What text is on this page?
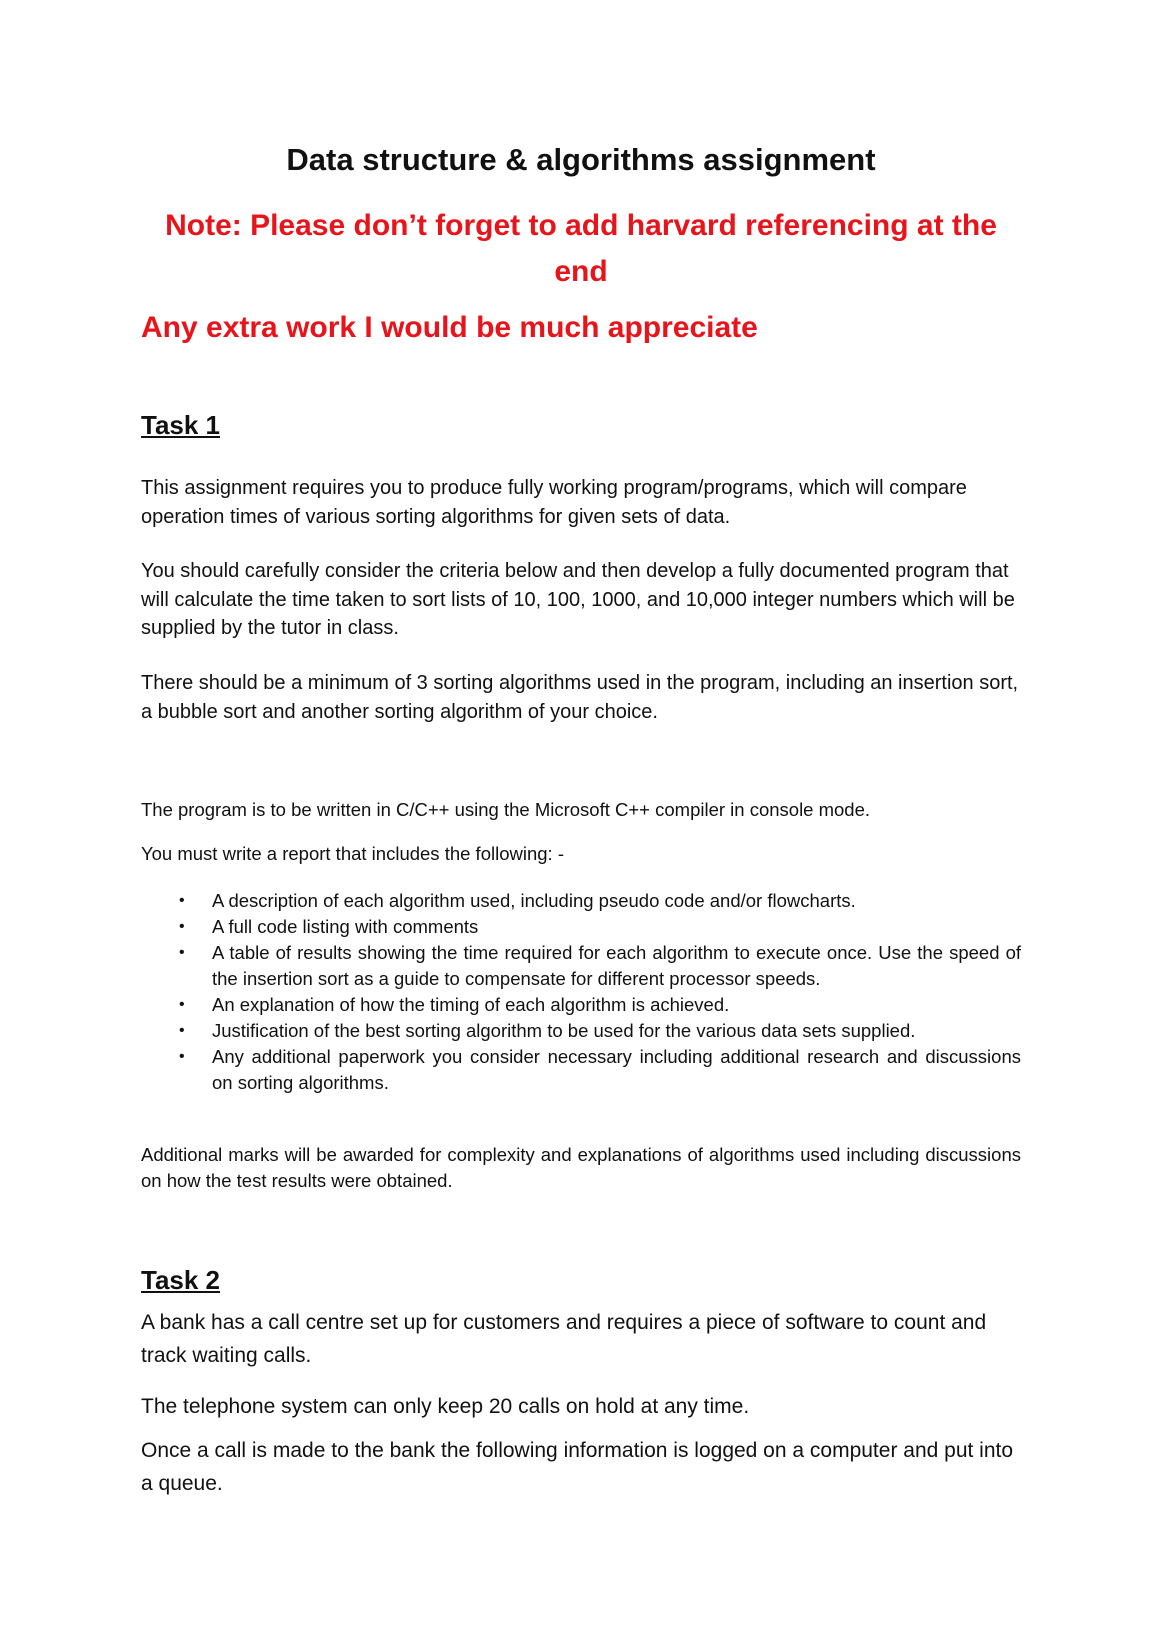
Data structure & algorithms assignment
Note: Please don’t forget to add harvard referencing at the end
Any extra work I would be much appreciate
Task 1
This assignment requires you to produce fully working program/programs, which will compare operation times of various sorting algorithms for given sets of data.
You should carefully consider the criteria below and then develop a fully documented program that will calculate the time taken to sort lists of 10, 100, 1000, and 10,000 integer numbers which will be supplied by the tutor in class.
There should be a minimum of 3 sorting algorithms used in the program, including an insertion sort, a bubble sort and another sorting algorithm of your choice.
The program is to be written in C/C++ using the Microsoft C++ compiler in console mode.
You must write a report that includes the following: -
• A description of each algorithm used, including pseudo code and/or flowcharts.
• A full code listing with comments
• A table of results showing the time required for each algorithm to execute once. Use the speed of the insertion sort as a guide to compensate for different processor speeds.
• An explanation of how the timing of each algorithm is achieved.
• Justification of the best sorting algorithm to be used for the various data sets supplied.
• Any additional paperwork you consider necessary including additional research and discussions on sorting algorithms.
Additional marks will be awarded for complexity and explanations of algorithms used including discussions on how the test results were obtained.
Task 2
A bank has a call centre set up for customers and requires a piece of software to count and track waiting calls.
The telephone system can only keep 20 calls on hold at any time.
Once a call is made to the bank the following information is logged on a computer and put into a queue.
